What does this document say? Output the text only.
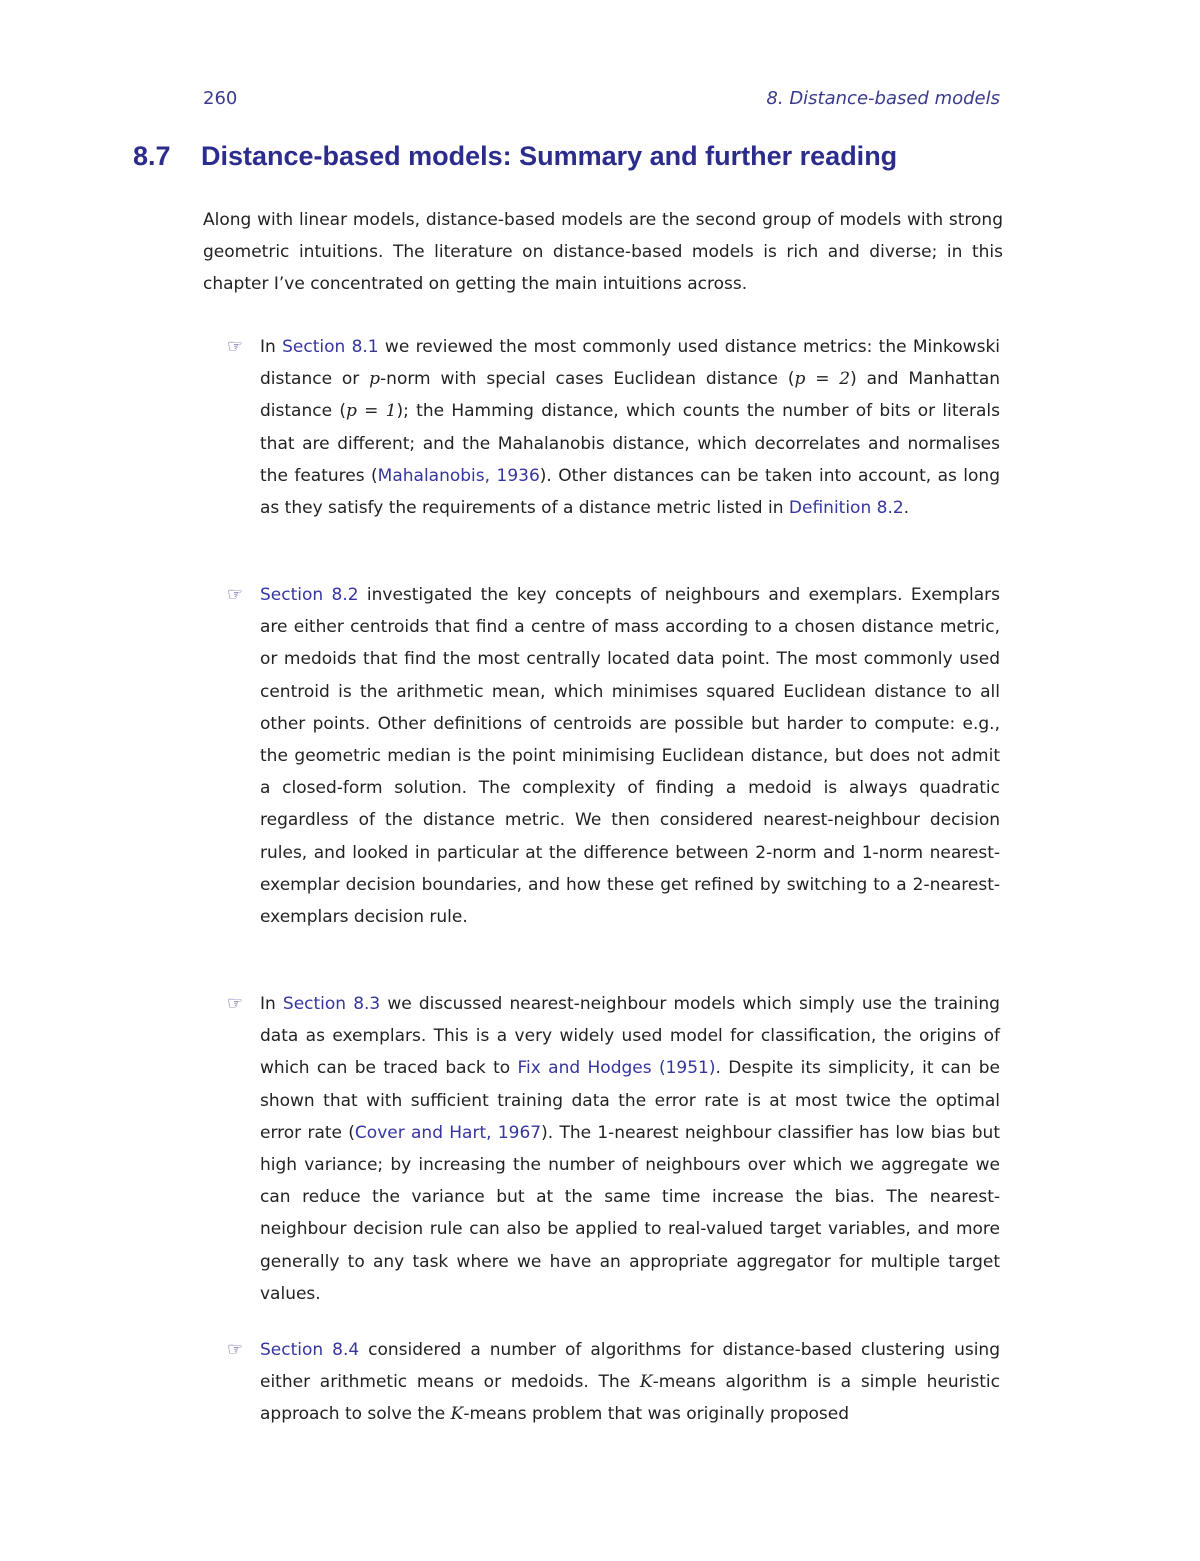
260	8. Distance-based models
8.7 Distance-based models: Summary and further reading

Along with linear models, distance-based models are the second group of models with strong geometric intuitions. The literature on distance-based models is rich and diverse; in this chapter I’ve concentrated on getting the main intuitions across.

☞ In Section 8.1 we reviewed the most commonly used distance metrics: the Minkowski distance or p-norm with special cases Euclidean distance (p = 2) and Manhattan distance (p = 1); the Hamming distance, which counts the number of bits or literals that are different; and the Mahalanobis distance, which decorrelates and normalises the features (Mahalanobis, 1936). Other distances can be taken into account, as long as they satisfy the requirements of a distance metric listed in Definition 8.2.
☞ Section 8.2 investigated the key concepts of neighbours and exemplars. Exemplars are either centroids that find a centre of mass according to a chosen distance metric, or medoids that find the most centrally located data point. The most commonly used centroid is the arithmetic mean, which minimises squared Euclidean distance to all other points. Other definitions of centroids are possible but harder to compute: e.g., the geometric median is the point minimising Euclidean distance, but does not admit a closed-form solution. The complexity of finding a medoid is always quadratic regardless of the distance metric. We then considered nearest-neighbour decision rules, and looked in particular at the difference between 2-norm and 1-norm nearest-exemplar decision boundaries, and how these get refined by switching to a 2-nearest-exemplars decision rule.
☞ In Section 8.3 we discussed nearest-neighbour models which simply use the training data as exemplars. This is a very widely used model for classification, the origins of which can be traced back to Fix and Hodges (1951). Despite its simplicity, it can be shown that with sufficient training data the error rate is at most twice the optimal error rate (Cover and Hart, 1967). The 1-nearest neighbour classifier has low bias but high variance; by increasing the number of neighbours over which we aggregate we can reduce the variance but at the same time increase the bias. The nearest-neighbour decision rule can also be applied to real-valued target variables, and more generally to any task where we have an appropriate aggregator for multiple target values.
☞ Section 8.4 considered a number of algorithms for distance-based clustering using either arithmetic means or medoids. The K-means algorithm is a simple heuristic approach to solve the K-means problem that was originally proposed
